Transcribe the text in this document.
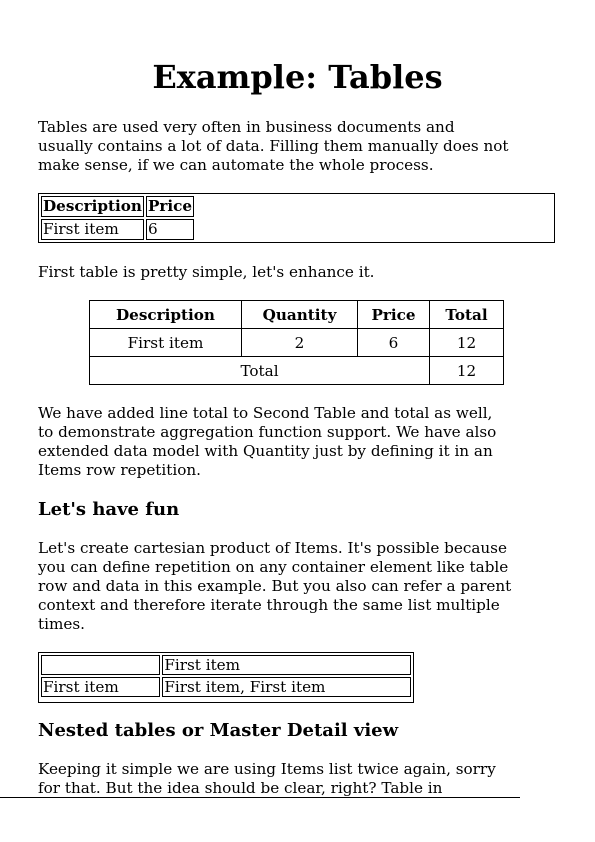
Example: Tables

Tables are used very often in business documents and
usually contains a lot of data. Filling them manually does not
make sense, if we can automate the whole process.

Description	Price
First item	6

First table is pretty simple, let's enhance it.

Description	Quantity	Price	Total
First item	2	6	12
Total			12

We have added line total to Second Table and total as well,
to demonstrate aggregation function support. We have also
extended data model with Quantity just by defining it in an
Items row repetition.

Let's have fun

Let's create cartesian product of Items. It's possible because
you can define repetition on any container element like table
row and data in this example. But you also can refer a parent
context and therefore iterate through the same list multiple
times.

	First item
First item	First item, First item
Nested tables or Master Detail view

Keeping it simple we are using Items list twice again, sorry
for that. But the idea should be clear, right? Table in
